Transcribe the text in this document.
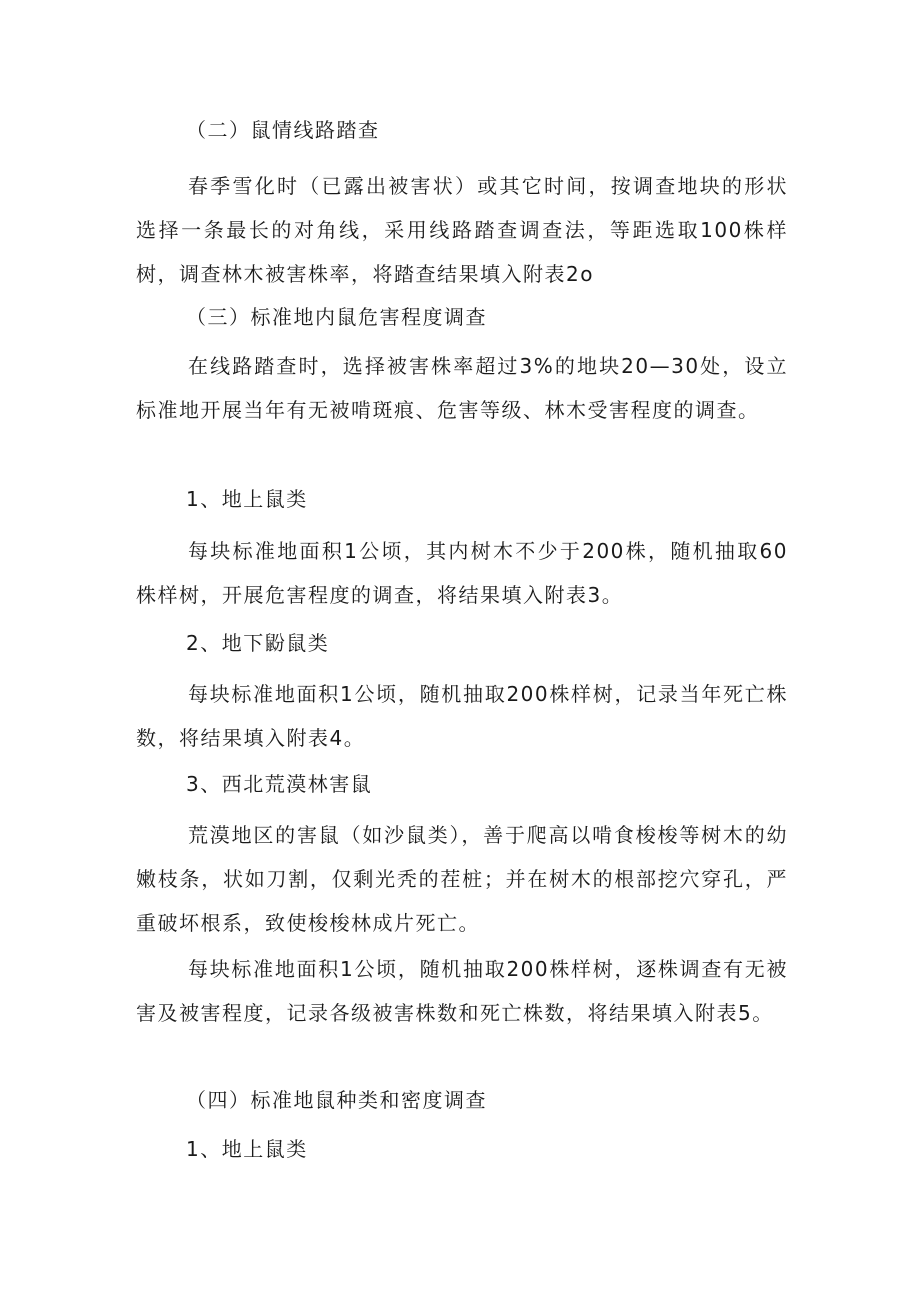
（二）鼠情线路踏查

春季雪化时（已露出被害状）或其它时间，按调查地块的形状选择一条最长的对角线，采用线路踏查调查法，等距选取100株样树，调查林木被害株率，将踏查结果填入附表2o

（三）标准地内鼠危害程度调查

在线路踏查时，选择被害株率超过3%的地块20—30处，设立标准地开展当年有无被啃斑痕、危害等级、林木受害程度的调查。

1、地上鼠类

每块标准地面积1公顷，其内树木不少于200株，随机抽取60株样树，开展危害程度的调查，将结果填入附表3。

2、地下鼢鼠类

每块标准地面积1公顷，随机抽取200株样树，记录当年死亡株数，将结果填入附表4。

3、西北荒漠林害鼠

荒漠地区的害鼠（如沙鼠类），善于爬高以啃食梭梭等树木的幼嫩枝条，状如刀割，仅剩光秃的茬桩；并在树木的根部挖穴穿孔，严重破坏根系，致使梭梭林成片死亡。

每块标准地面积1公顷，随机抽取200株样树，逐株调查有无被害及被害程度，记录各级被害株数和死亡株数，将结果填入附表5。

（四）标准地鼠种类和密度调查

1、地上鼠类
